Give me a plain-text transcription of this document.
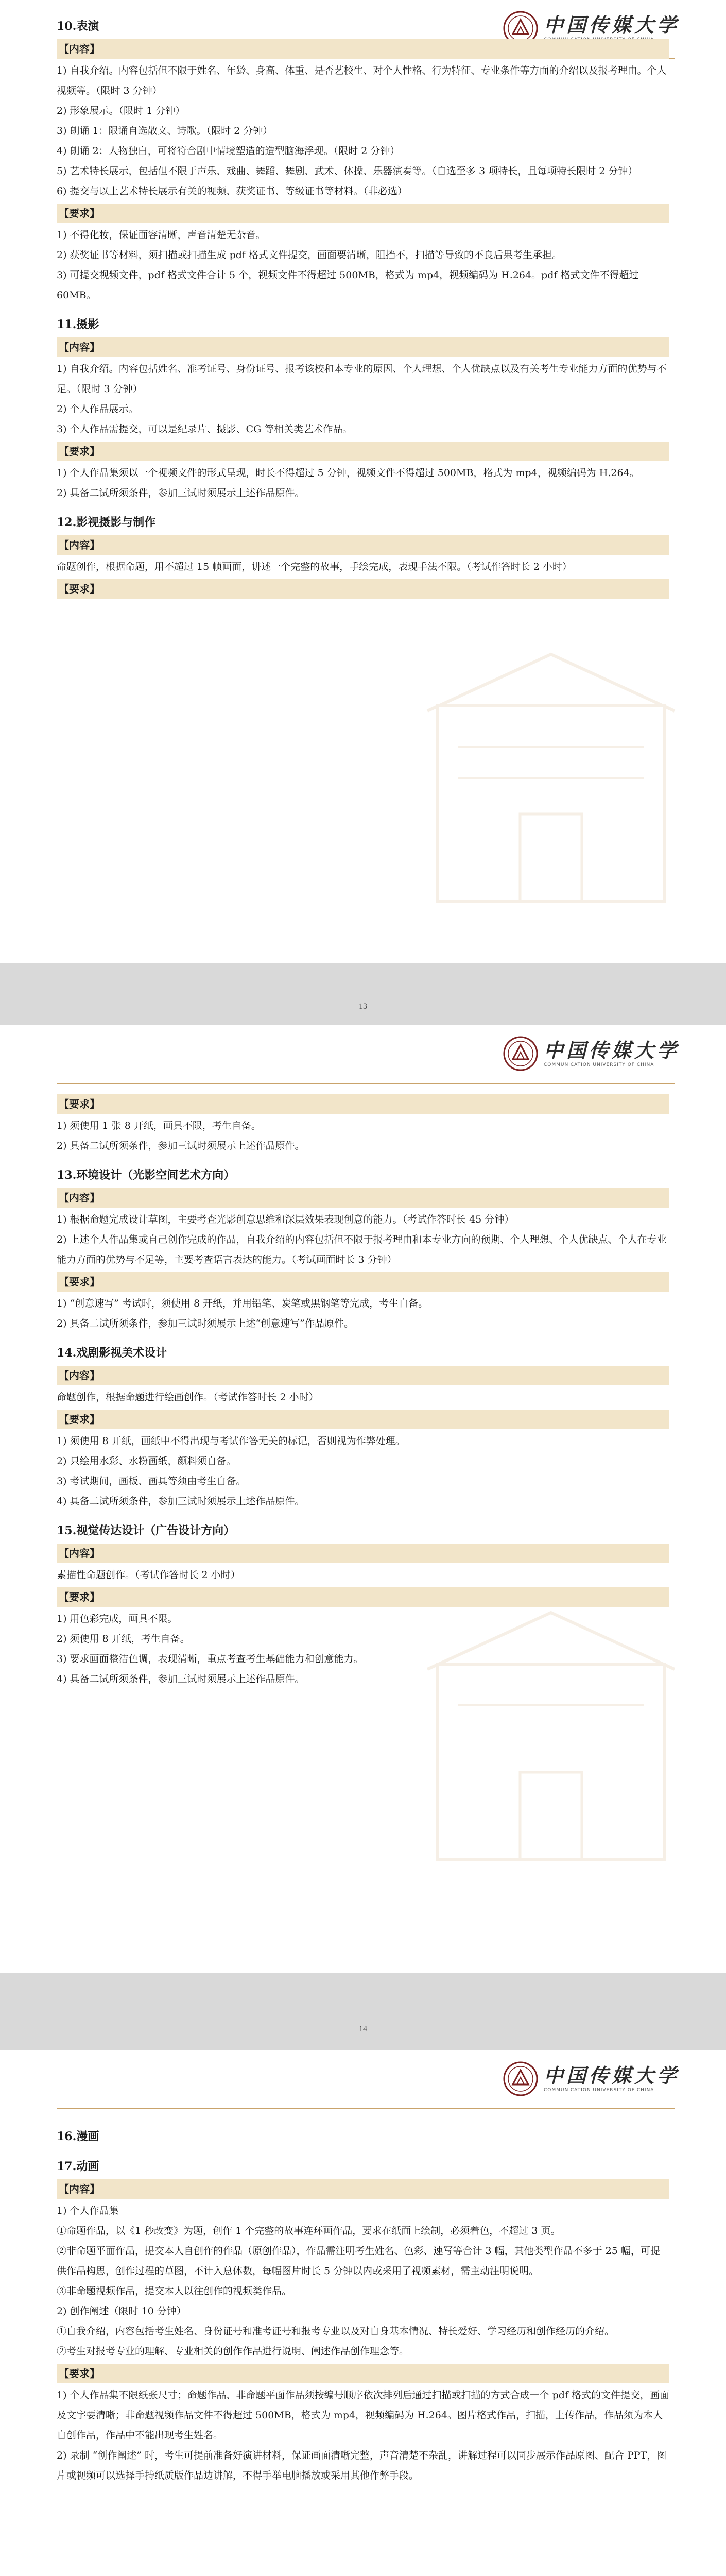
中国传媒大学
10.表演
【内容】
1) 自我介绍。内容包括但不限于姓名、年龄、身高、体重、是否艺校生、对个人性格、行为特征、专业条件等方面的介绍以及报考理由。个人视频等。（限时 3 分钟）
2) 形象展示。（限时 1 分钟）
3) 朗诵 1：限诵自选散文、诗歌。（限时 2 分钟）
4) 朗诵 2：人物独白，可将符合剧中情境塑造的造型脑海浮现。（限时 2 分钟）
5) 艺术特长展示，包括但不限于声乐、戏曲、舞蹈、舞剧、武术、体操、乐器演奏等。（自选至多 3 项特长，且每项特长限时 2 分钟）
6) 提交与以上艺术特长展示有关的视频、获奖证书、等级证书等材料。（非必选）
【要求】
1) 不得化妆，保证面容清晰，声音清楚无杂音。
2) 获奖证书等材料，须扫描或扫描生成 pdf 格式文件提交，画面要清晰，阻挡不，扫描等导致的不良后果考生承担。
3) 可提交视频文件，pdf 格式文件合计 5 个，视频文件不得超过 500MB，格式为 mp4，视频编码为 H.264。pdf 格式文件不得超过 60MB。
11.摄影
【内容】
1) 自我介绍。内容包括姓名、准考证号、身份证号、报考该校和本专业的原因、个人理想、个人优缺点以及有关考生专业能力方面的优势与不足。（限时 3 分钟）
2) 个人作品展示。
3) 个人作品需提交，可以是纪录片、摄影、CG 等相关类艺术作品。
【要求】
1) 个人作品集须以一个视频文件的形式呈现，时长不得超过 5 分钟，视频文件不得超过 500MB，格式为 mp4，视频编码为 H.264。
2) 具备二试所须条件，参加三试时须展示上述作品原件。
12.影视摄影与制作
【内容】
命题创作，根据命题，用不超过 15 帧画面，讲述一个完整的故事，手绘完成，表现手法不限。（考试作答时长 2 小时）
【要求】
中国传媒大学
COMMUNICATION UNIVERSITY OF CHINA
【要求】
1) 须使用 1 张 8 开纸，画具不限，考生自备。
2) 具备二试所须条件，参加三试时须展示上述作品原件。
13.环境设计（光影空间艺术方向）
【内容】
1) 根据命题完成设计草图，主要考查光影创意思维和深层效果表现创意的能力。（考试作答时长 45 分钟）
2) 上述个人作品集或自己创作完成的作品，自我介绍的内容包括但不限于报考理由和本专业方向的预期、个人理想、个人优缺点、个人在专业能力方面的优势与不足等，主要考查语言表达的能力。（考试画面时长 3 分钟）
【要求】
1) “创意速写” 考试时，须使用 8 开纸，并用铅笔、炭笔或黑钢笔等完成，考生自备。
2) 具备二试所须条件，参加三试时须展示上述“创意速写”作品原件。
14.戏剧影视美术设计
【内容】
命题创作，根据命题进行绘画创作。（考试作答时长 2 小时）
【要求】
1) 须使用 8 开纸，画纸中不得出现与考试作答无关的标记，否则视为作弊处理。
2) 只绘用水彩、水粉画纸，颜料须自备。
3) 考试期间，画板、画具等须由考生自备。
4) 具备二试所须条件，参加三试时须展示上述作品原件。
15.视觉传达设计（广告设计方向）
【内容】
素描性命题创作。（考试作答时长 2 小时）
【要求】
1) 用色彩完成，画具不限。
2) 须使用 8 开纸，考生自备。
3) 要求画面整洁色调，表现清晰，重点考查考生基础能力和创意能力。
4) 具备二试所须条件，参加三试时须展示上述作品原件。
中国传媒大学
COMMUNICATION UNIVERSITY OF CHINA
16.漫画
17.动画
【内容】
1) 个人作品集
①命题作品，以《1 秒改变》为题，创作 1 个完整的故事连环画作品，要求在纸面上绘制，必须着色，不超过 3 页。
②非命题平面作品，提交本人自创作的作品（原创作品），作品需注明考生姓名、色彩、速写等合计 3 幅，其他类型作品不多于 25 幅，可提供作品构思，创作过程的草图，不计入总体数，每幅图片时长 5 分钟以内或采用了视频素材，需主动注明说明。
③非命题视频作品，提交本人以往创作的视频类作品。
2) 创作阐述（限时 10 分钟）
①自我介绍，内容包括考生姓名、身份证号和准考证号和报考专业以及对自身基本情况、特长爱好、学习经历和创作经历的介绍。
②考生对报考专业的理解、专业相关的创作作品进行说明、阐述作品创作理念等。
【要求】
1) 个人作品集不限纸张尺寸；命题作品、非命题平面作品须按编号顺序依次排列后通过扫描或扫描的方式合成一个 pdf 格式的文件提交，画面及文字要清晰；非命题视频作品文件不得超过 500MB，格式为 mp4，视频编码为 H.264。图片格式作品，扫描，上传作品，作品须为本人自创作品，作品中不能出现考生姓名。
2) 录制 “创作阐述” 时，考生可提前准备好演讲材料，保证画面清晰完整，声音清楚不杂乱，讲解过程可以同步展示作品原图、配合 PPT，图片或视频可以选择手持纸质版作品边讲解，不得手举电脑播放或采用其他作弊手段。
13
14
